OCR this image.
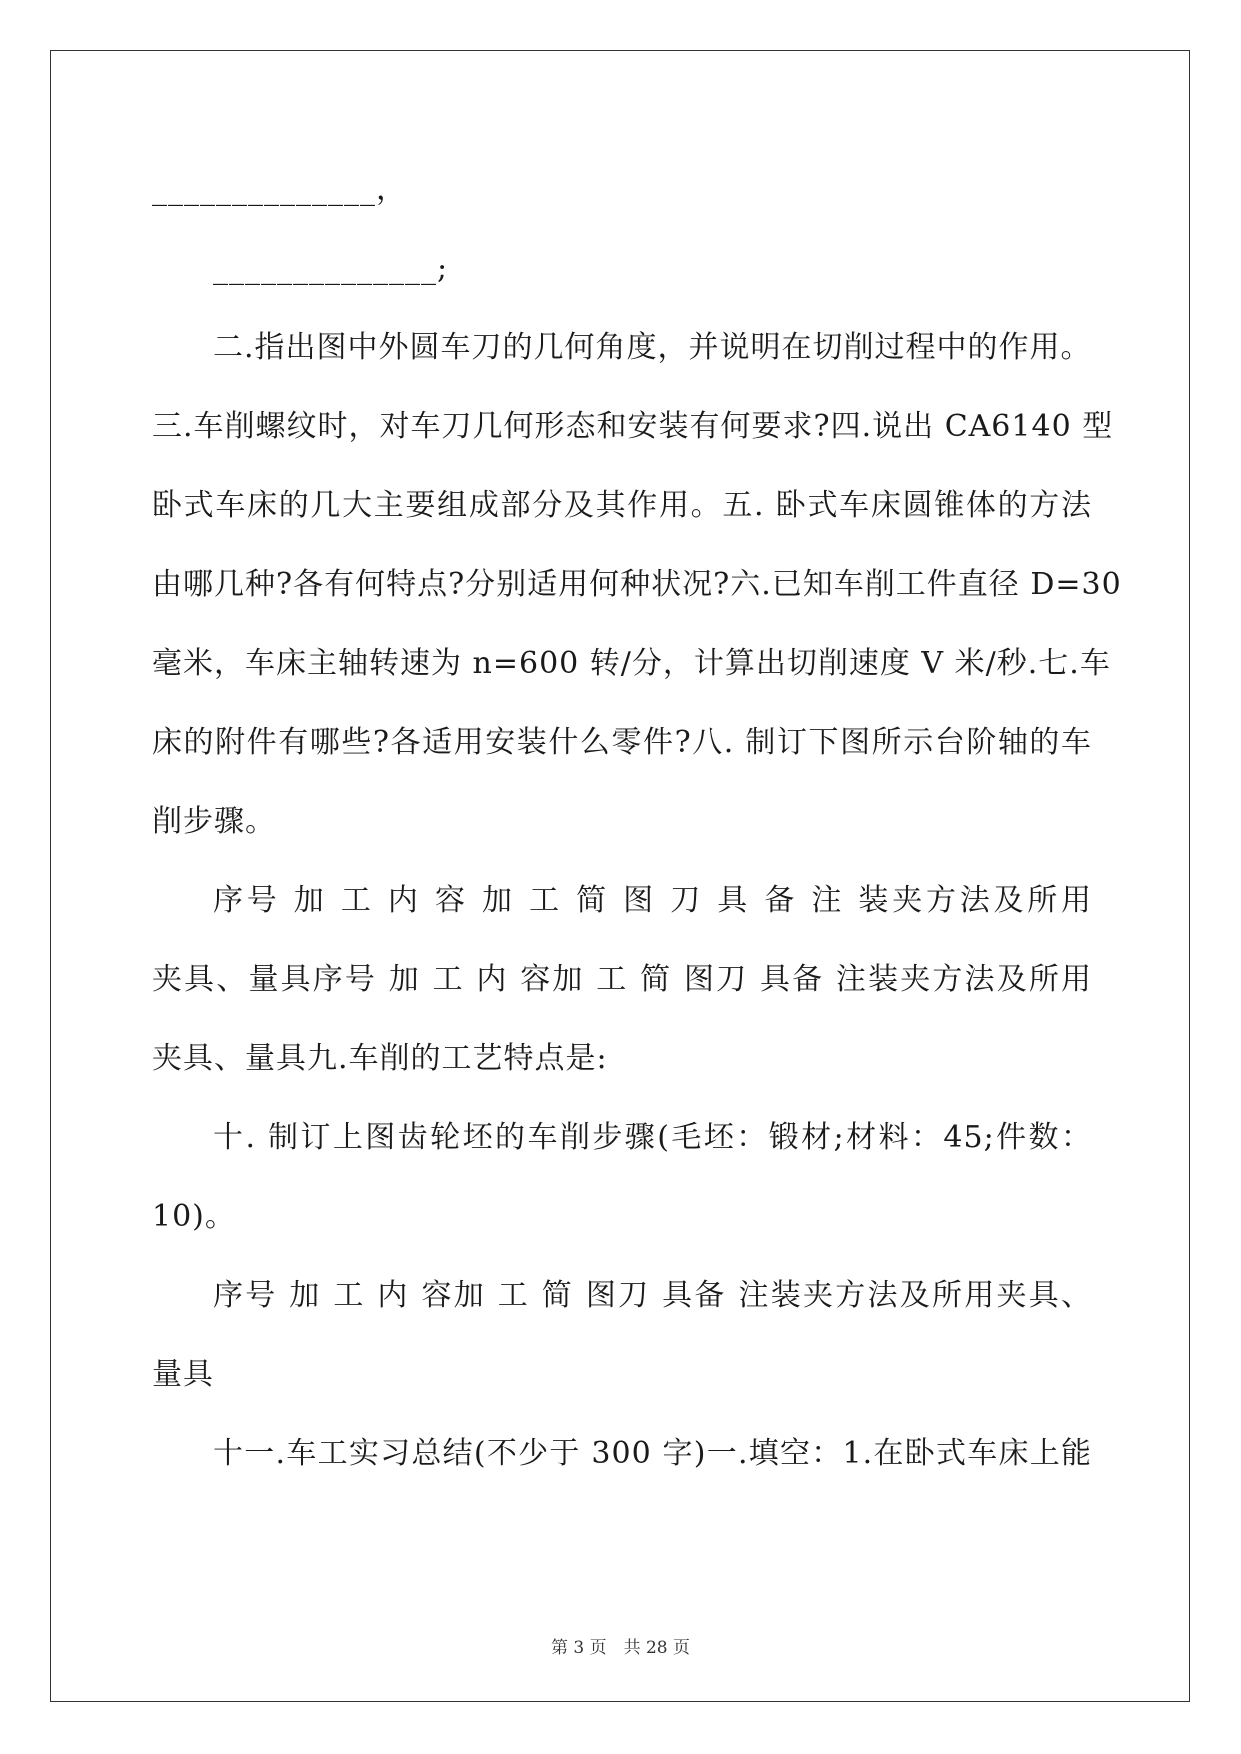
______________，
______________;
二.指出图中外圆车刀的几何角度，并说明在切削过程中的作用。
三.车削螺纹时，对车刀几何形态和安装有何要求?四.说出 CA6140 型
卧式车床的几大主要组成部分及其作用。五. 卧式车床圆锥体的方法
由哪几种?各有何特点?分别适用何种状况?六.已知车削工件直径 D=30
毫米，车床主轴转速为 n=600 转/分，计算出切削速度 V 米/秒.七.车
床的附件有哪些?各适用安装什么零件?八. 制订下图所示台阶轴的车
削步骤。
序号 加 工 内 容 加 工 简 图 刀 具 备 注 装夹方法及所用
夹具、量具序号 加 工 内 容加 工 简 图刀 具备 注装夹方法及所用
夹具、量具九.车削的工艺特点是:
十. 制订上图齿轮坯的车削步骤(毛坯：锻材;材料：45;件数：
10)。
序号 加 工 内 容加 工 简 图刀 具备 注装夹方法及所用夹具、
量具
十一.车工实习总结(不少于 300 字)一.填空：1.在卧式车床上能
第 3 页　共 28 页
